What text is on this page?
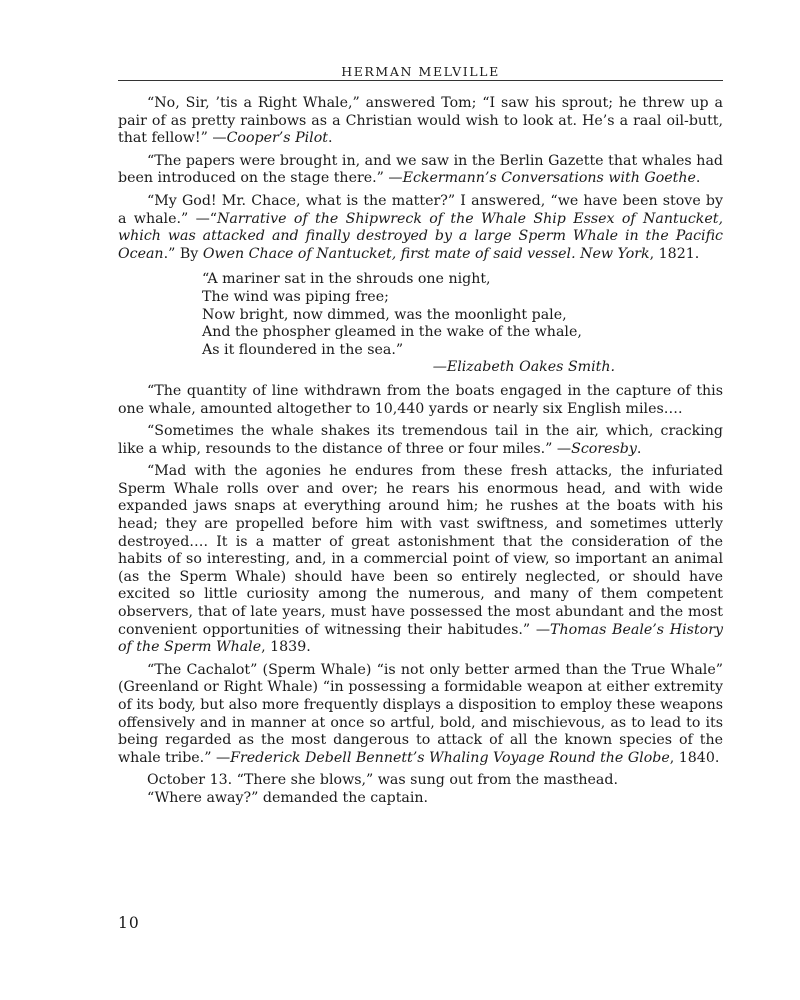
HERMAN MELVILLE

“No, Sir, ’tis a Right Whale,” answered Tom; “I saw his sprout; he threw up a pair of as pretty rainbows as a Christian would wish to look at. He’s a raal oil-butt, that fellow!” —Cooper’s Pilot.

“The papers were brought in, and we saw in the Berlin Gazette that whales had been introduced on the stage there.” —Eckermann’s Conversations with Goethe.

“My God! Mr. Chace, what is the matter?” I answered, “we have been stove by a whale.” —“Narrative of the Shipwreck of the Whale Ship Essex of Nantucket, which was attacked and finally destroyed by a large Sperm Whale in the Pacific Ocean.” By Owen Chace of Nantucket, first mate of said vessel. New York, 1821.

“A mariner sat in the shrouds one night,
The wind was piping free;
Now bright, now dimmed, was the moonlight pale,
And the phospher gleamed in the wake of the whale,
As it floundered in the sea.”
—Elizabeth Oakes Smith.

“The quantity of line withdrawn from the boats engaged in the capture of this one whale, amounted altogether to 10,440 yards or nearly six English miles….

“Sometimes the whale shakes its tremendous tail in the air, which, cracking like a whip, resounds to the distance of three or four miles.” —Scoresby.

“Mad with the agonies he endures from these fresh attacks, the infuriated Sperm Whale rolls over and over; he rears his enormous head, and with wide expanded jaws snaps at everything around him; he rushes at the boats with his head; they are propelled before him with vast swiftness, and sometimes utterly destroyed…. It is a matter of great astonishment that the consideration of the habits of so interesting, and, in a commercial point of view, so important an animal (as the Sperm Whale) should have been so entirely neglected, or should have excited so little curiosity among the numerous, and many of them competent observers, that of late years, must have possessed the most abundant and the most convenient opportunities of witnessing their habitudes.” —Thomas Beale’s History of the Sperm Whale, 1839.

“The Cachalot” (Sperm Whale) “is not only better armed than the True Whale” (Greenland or Right Whale) “in possessing a formidable weapon at either extremity of its body, but also more frequently displays a disposition to employ these weapons offensively and in manner at once so artful, bold, and mischievous, as to lead to its being regarded as the most dangerous to attack of all the known species of the whale tribe.” —Frederick Debell Bennett’s Whaling Voyage Round the Globe, 1840.

October 13. “There she blows,” was sung out from the masthead.

“Where away?” demanded the captain.

10
